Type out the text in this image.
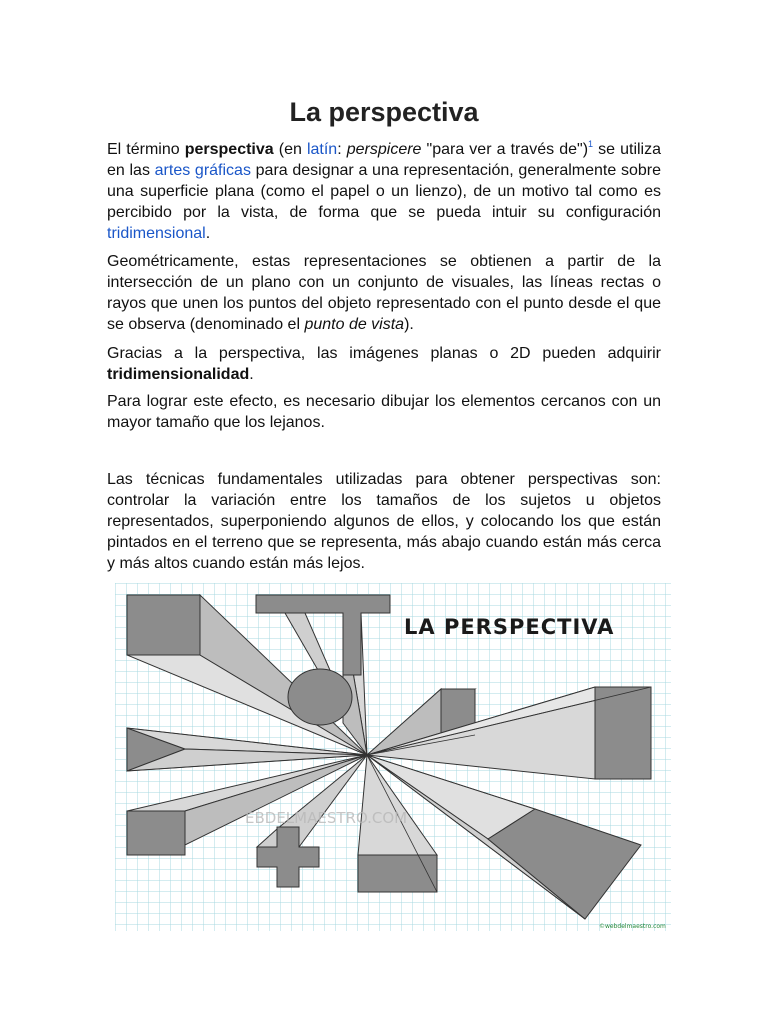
La perspectiva

El término perspectiva (en latín: perspicere "para ver a través de")$^1$ se utiliza en las artes gráficas para designar a una representación, generalmente sobre una superficie plana (como el papel o un lienzo), de un motivo tal como es percibido por la vista, de forma que se pueda intuir su configuración tridimensional.

Geométricamente, estas representaciones se obtienen a partir de la intersección de un plano con un conjunto de visuales, las líneas rectas o rayos que unen los puntos del objeto representado con el punto desde el que se observa (denominado el punto de vista).

Gracias a la perspectiva, las imágenes planas o 2D pueden adquirir tridimensionalidad.

Para lograr este efecto, es necesario dibujar los elementos cercanos con un mayor tamaño que los lejanos.

Las técnicas fundamentales utilizadas para obtener perspectivas son: controlar la variación entre los tamaños de los sujetos u objetos representados, superponiendo algunos de ellos, y colocando los que están pintados en el terreno que se representa, más abajo cuando están más cerca y más altos cuando están más lejos.

LA PERSPECTIVA
EBDELMAESTRO.COM
©webdelmaestro.com
